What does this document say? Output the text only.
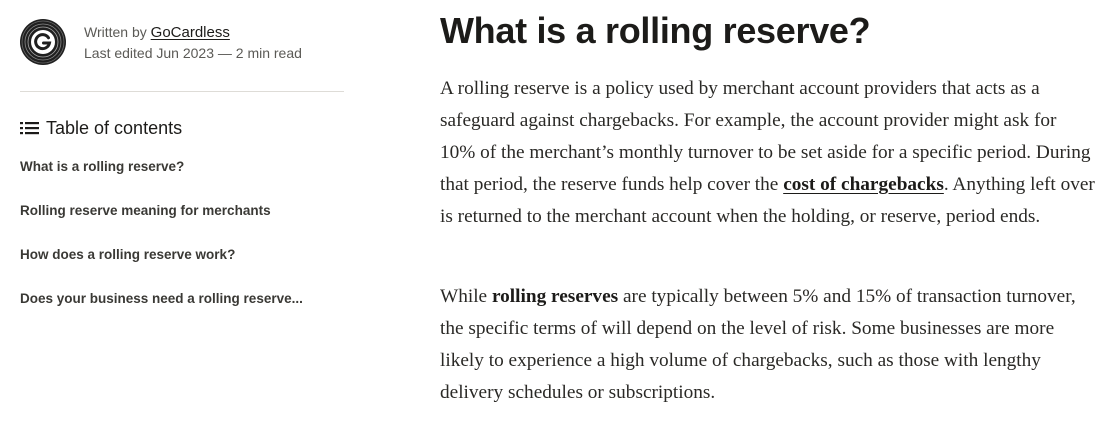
Written by GoCardless
Last edited Jun 2023 — 2 min read
Table of contents
What is a rolling reserve?
Rolling reserve meaning for merchants
How does a rolling reserve work?
Does your business need a rolling reserve...
What is a rolling reserve?

A rolling reserve is a policy used by merchant account providers that acts as a safeguard against chargebacks. For example, the account provider might ask for 10% of the merchant’s monthly turnover to be set aside for a specific period. During that period, the reserve funds help cover the cost of chargebacks. Anything left over is returned to the merchant account when the holding, or reserve, period ends.

While rolling reserves are typically between 5% and 15% of transaction turnover, the specific terms of will depend on the level of risk. Some businesses are more likely to experience a high volume of chargebacks, such as those with lengthy delivery schedules or subscriptions.
